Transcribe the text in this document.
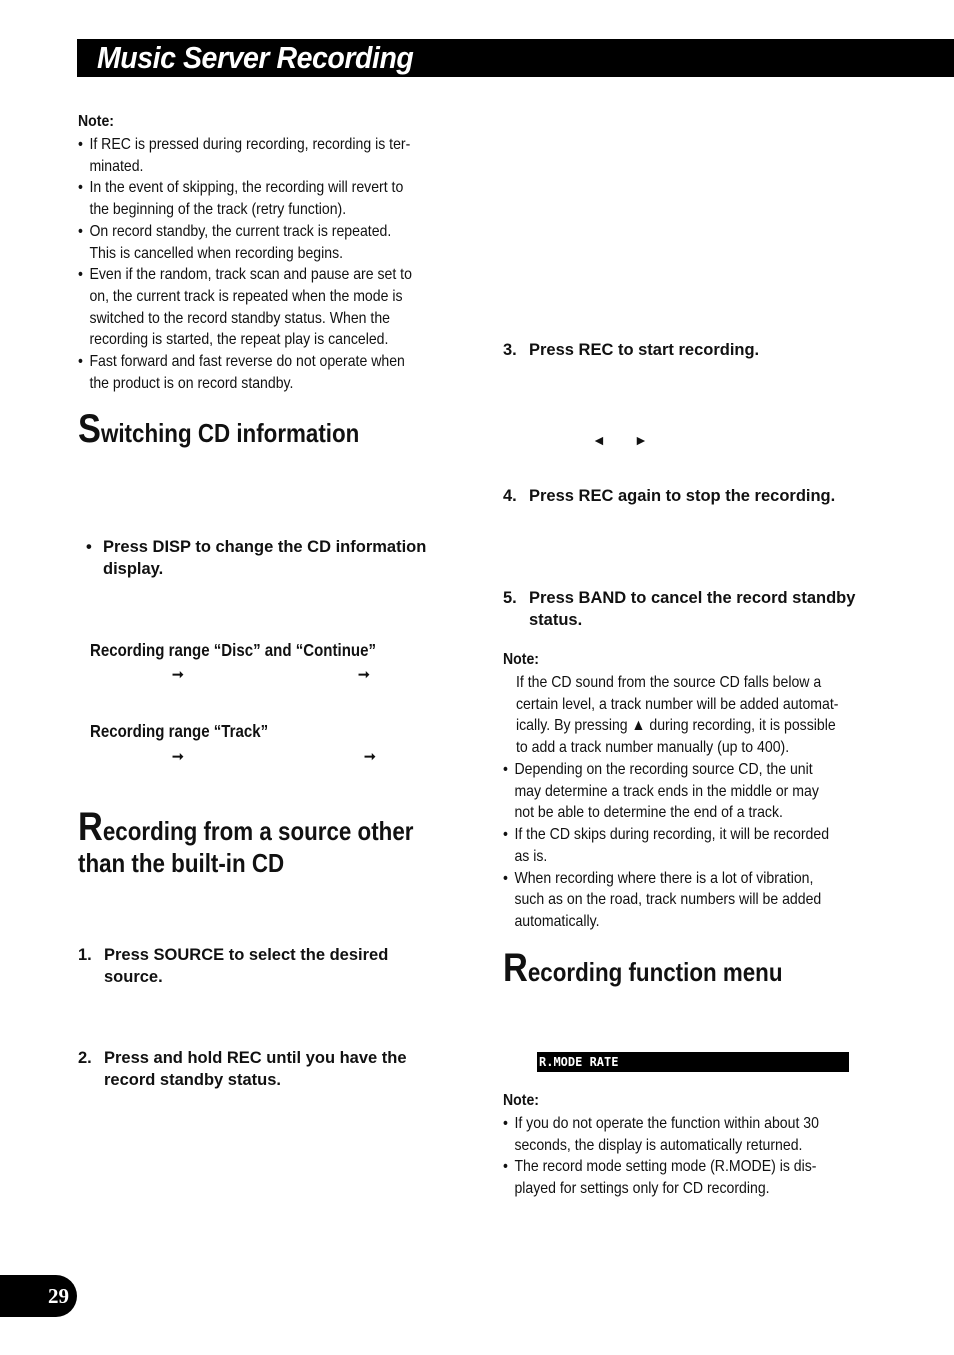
Music Server Recording
Note:
• If REC is pressed during recording, recording is ter-
minated.
• In the event of skipping, the recording will revert to
the beginning of the track (retry function).
• On record standby, the current track is repeated.
This is cancelled when recording begins.
• Even if the random, track scan and pause are set to
on, the current track is repeated when the mode is
switched to the record standby status. When the
recording is started, the repeat play is canceled.
• Fast forward and fast reverse do not operate when
the product is on record standby.
Switching CD information
• Press DISP to change the CD information
display.
Recording range “Disc” and “Continue”
➞	➞
Recording range “Track”
➞	➞
Recording from a source other
than the built-in CD
1. Press SOURCE to select the desired
source.
2. Press and hold REC until you have the
record standby status.
3. Press REC to start recording.
◄ ►
4. Press REC again to stop the recording.
5. Press BAND to cancel the record standby
status.
Note:
If the CD sound from the source CD falls below a
certain level, a track number will be added automat-
ically. By pressing ▲ during recording, it is possible
to add a track number manually (up to 400).
• Depending on the recording source CD, the unit
may determine a track ends in the middle or may
not be able to determine the end of a track.
• If the CD skips during recording, it will be recorded
as is.
• When recording where there is a lot of vibration,
such as on the road, track numbers will be added
automatically.
Recording function menu
R.MODE RATE
Note:
• If you do not operate the function within about 30
seconds, the display is automatically returned.
• The record mode setting mode (R.MODE) is dis-
played for settings only for CD recording.
29
